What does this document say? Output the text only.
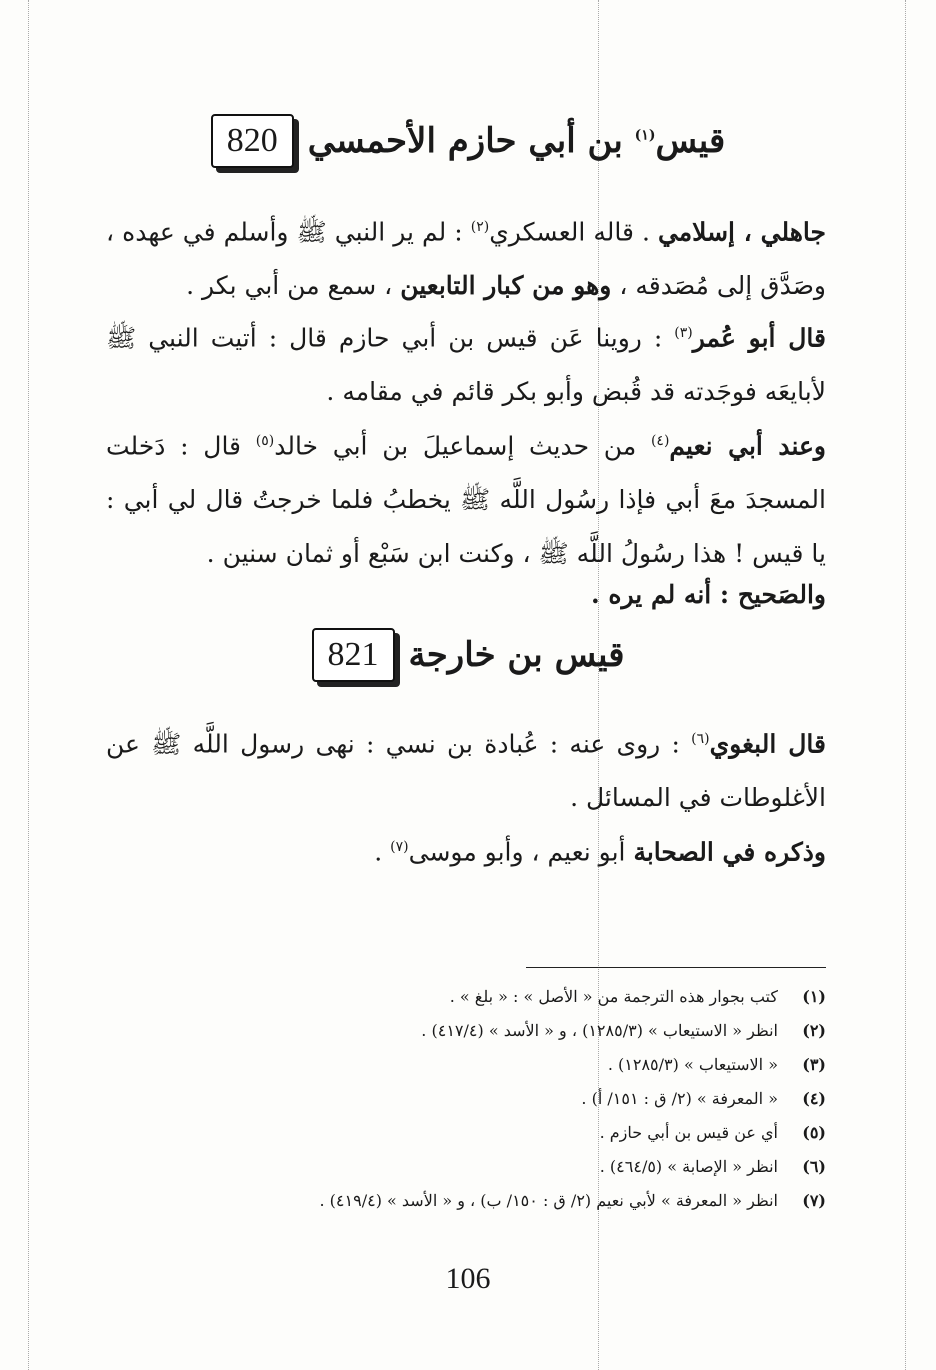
قيس$^{(١)}$ بن أبي حازم الأحمسي
820
جاهلي ، إسلامي . قاله العسكري$^{(٢)}$ : لم ير النبي ﷺ وأسلم في عهده ، وصَدَّق إلى مُصَدقه ، وهو من كبار التابعين ، سمع من أبي بكر .
قال أبو عُمر$^{(٣)}$ : روينا عَن قيس بن أبي حازم قال : أتيت النبي ﷺ لأبايعَه فوجَدته قد قُبض وأبو بكر قائم في مقامه .
وعند أبي نعيم$^{(٤)}$ من حديث إسماعيلَ بن أبي خالد$^{(٥)}$ قال : دَخلت المسجدَ معَ أبي فإذا رسُول اللَّه ﷺ يخطبُ فلما خرجتُ قال لي أبي : يا قيس ! هذا رسُولُ اللَّه ﷺ ، وكنت ابن سَبْع أو ثمان سنين .
والصَحيح : أنه لم يره .
قيس بن خارجة
821
قال البغوي$^{(٦)}$ : روى عنه : عُبادة بن نسي : نهى رسول اللَّه ﷺ عن الأغلوطات في المسائل .
وذكره في الصحابة أبو نعيم ، وأبو موسى$^{(٧)}$ .
(١)كتب بجوار هذه الترجمة من « الأصل » : « بلغ » .
(٢)انظر « الاستيعاب » (١٢٨٥/٣) ، و « الأسد » (٤١٧/٤) .
(٣)« الاستيعاب » (١٢٨٥/٣) .
(٤)« المعرفة » (٢/ ق : ١٥١/ أ) .
(٥)أي عن قيس بن أبي حازم .
(٦)انظر « الإصابة » (٤٦٤/٥) .
(٧)انظر « المعرفة » لأبي نعيم (٢/ ق : ١٥٠/ ب) ، و « الأسد » (٤١٩/٤) .
106
